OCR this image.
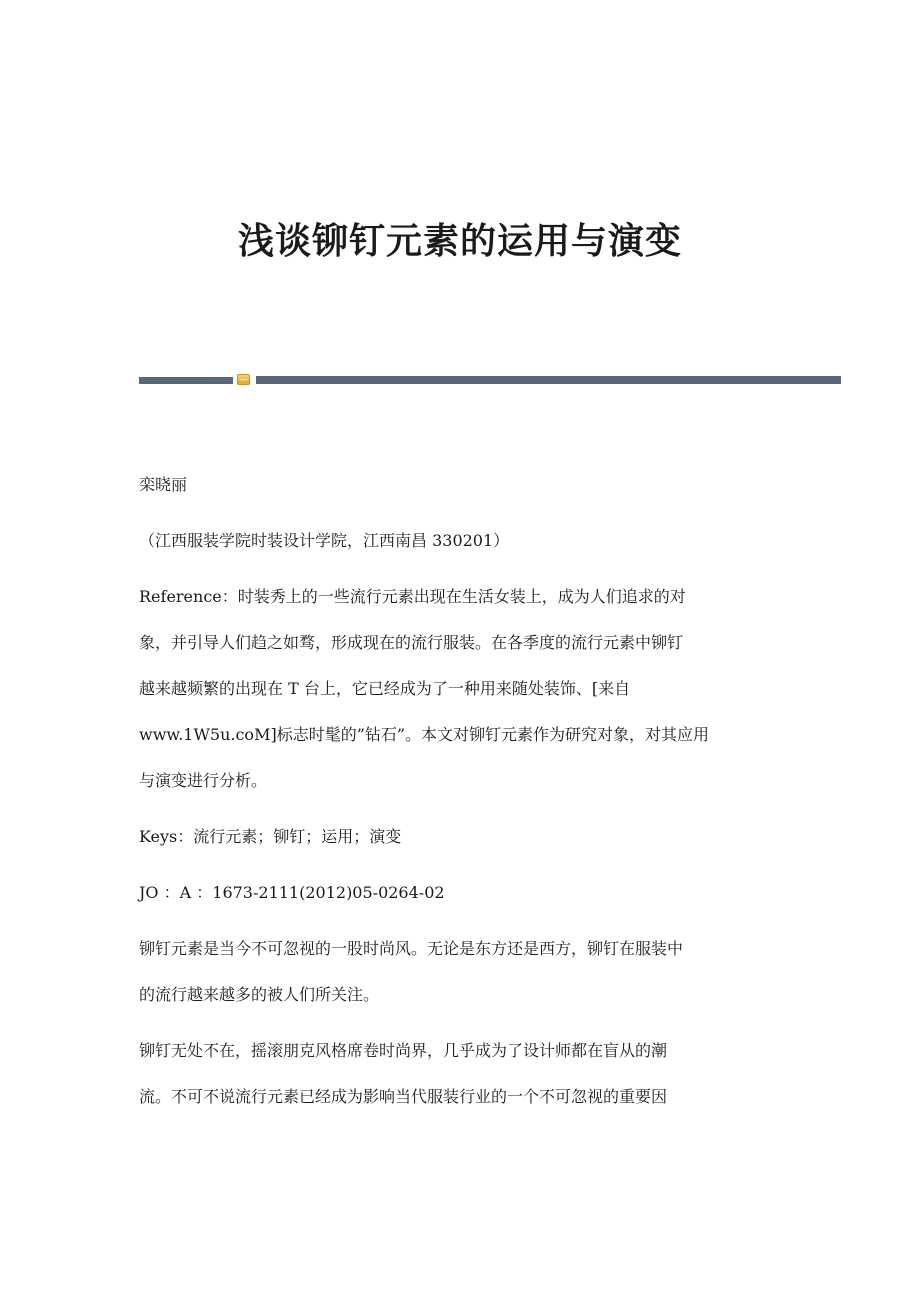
浅谈铆钉元素的运用与演变

栾晓丽

（江西服装学院时装设计学院，江西南昌 330201）

Reference：时装秀上的一些流行元素出现在生活女装上，成为人们追求的对
象，并引导人们趋之如骛，形成现在的流行服装。在各季度的流行元素中铆钉
越来越频繁的出现在 T 台上，它已经成为了一种用来随处装饰、[来自
www.1W5u.coM]标志时髦的”钻石”。本文对铆钉元素作为研究对象，对其应用
与演变进行分析。

Keys：流行元素；铆钉；运用；演变

JO ：A ：1673-2111(2012)05-0264-02

铆钉元素是当今不可忽视的一股时尚风。无论是东方还是西方，铆钉在服装中
的流行越来越多的被人们所关注。

铆钉无处不在，摇滚朋克风格席卷时尚界，几乎成为了设计师都在盲从的潮
流。不可不说流行元素已经成为影响当代服装行业的一个不可忽视的重要因
